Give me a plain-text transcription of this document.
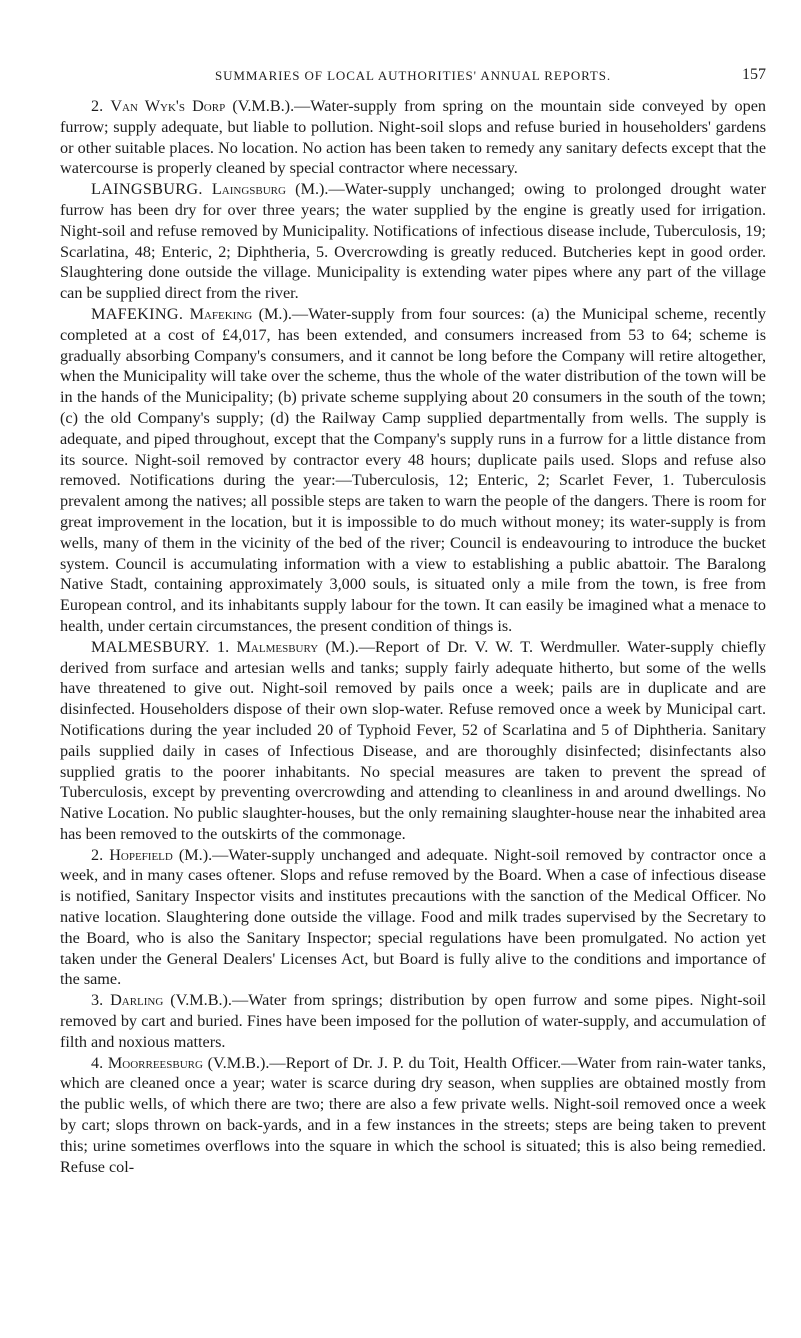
SUMMARIES OF LOCAL AUTHORITIES' ANNUAL REPORTS.	157

2. Van Wyk's Dorp (V.M.B.).—Water-supply from spring on the mountain side conveyed by open furrow; supply adequate, but liable to pollution. Night-soil slops and refuse buried in householders' gardens or other suitable places. No location. No action has been taken to remedy any sanitary defects except that the watercourse is properly cleaned by special contractor where necessary.

LAINGSBURG. Laingsburg (M.).—Water-supply unchanged; owing to prolonged drought water furrow has been dry for over three years; the water supplied by the engine is greatly used for irrigation. Night-soil and refuse removed by Municipality. Notifications of infectious disease include, Tuberculosis, 19; Scarlatina, 48; Enteric, 2; Diphtheria, 5. Overcrowding is greatly reduced. Butcheries kept in good order. Slaughtering done outside the village. Municipality is extending water pipes where any part of the village can be supplied direct from the river.

MAFEKING. Mafeking (M.).—Water-supply from four sources: (a) the Municipal scheme, recently completed at a cost of £4,017, has been extended, and consumers increased from 53 to 64; scheme is gradually absorbing Company's consumers, and it cannot be long before the Company will retire altogether, when the Municipality will take over the scheme, thus the whole of the water distribution of the town will be in the hands of the Municipality; (b) private scheme supplying about 20 consumers in the south of the town; (c) the old Company's supply; (d) the Railway Camp supplied departmentally from wells. The supply is adequate, and piped throughout, except that the Company's supply runs in a furrow for a little distance from its source. Night-soil removed by contractor every 48 hours; duplicate pails used. Slops and refuse also removed. Notifications during the year:—Tuberculosis, 12; Enteric, 2; Scarlet Fever, 1. Tuberculosis prevalent among the natives; all possible steps are taken to warn the people of the dangers. There is room for great improvement in the location, but it is impossible to do much without money; its water-supply is from wells, many of them in the vicinity of the bed of the river; Council is endeavouring to introduce the bucket system. Council is accumulating information with a view to establishing a public abattoir. The Baralong Native Stadt, containing approximately 3,000 souls, is situated only a mile from the town, is free from European control, and its inhabitants supply labour for the town. It can easily be imagined what a menace to health, under certain circumstances, the present condition of things is.

MALMESBURY. 1. Malmesbury (M.).—Report of Dr. V. W. T. Werdmuller. Water-supply chiefly derived from surface and artesian wells and tanks; supply fairly adequate hitherto, but some of the wells have threatened to give out. Night-soil removed by pails once a week; pails are in duplicate and are disinfected. Householders dispose of their own slop-water. Refuse removed once a week by Municipal cart. Notifications during the year included 20 of Typhoid Fever, 52 of Scarlatina and 5 of Diphtheria. Sanitary pails supplied daily in cases of Infectious Disease, and are thoroughly disinfected; disinfectants also supplied gratis to the poorer inhabitants. No special measures are taken to prevent the spread of Tuberculosis, except by preventing overcrowding and attending to cleanliness in and around dwellings. No Native Location. No public slaughter-houses, but the only remaining slaughter-house near the inhabited area has been removed to the outskirts of the commonage.

2. Hopefield (M.).—Water-supply unchanged and adequate. Night-soil removed by contractor once a week, and in many cases oftener. Slops and refuse removed by the Board. When a case of infectious disease is notified, Sanitary Inspector visits and institutes precautions with the sanction of the Medical Officer. No native location. Slaughtering done outside the village. Food and milk trades supervised by the Secretary to the Board, who is also the Sanitary Inspector; special regulations have been promulgated. No action yet taken under the General Dealers' Licenses Act, but Board is fully alive to the conditions and importance of the same.

3. Darling (V.M.B.).—Water from springs; distribution by open furrow and some pipes. Night-soil removed by cart and buried. Fines have been imposed for the pollution of water-supply, and accumulation of filth and noxious matters.

4. Moorreesburg (V.M.B.).—Report of Dr. J. P. du Toit, Health Officer.—Water from rain-water tanks, which are cleaned once a year; water is scarce during dry season, when supplies are obtained mostly from the public wells, of which there are two; there are also a few private wells. Night-soil removed once a week by cart; slops thrown on back-yards, and in a few instances in the streets; steps are being taken to prevent this; urine sometimes overflows into the square in which the school is situated; this is also being remedied. Refuse col-
